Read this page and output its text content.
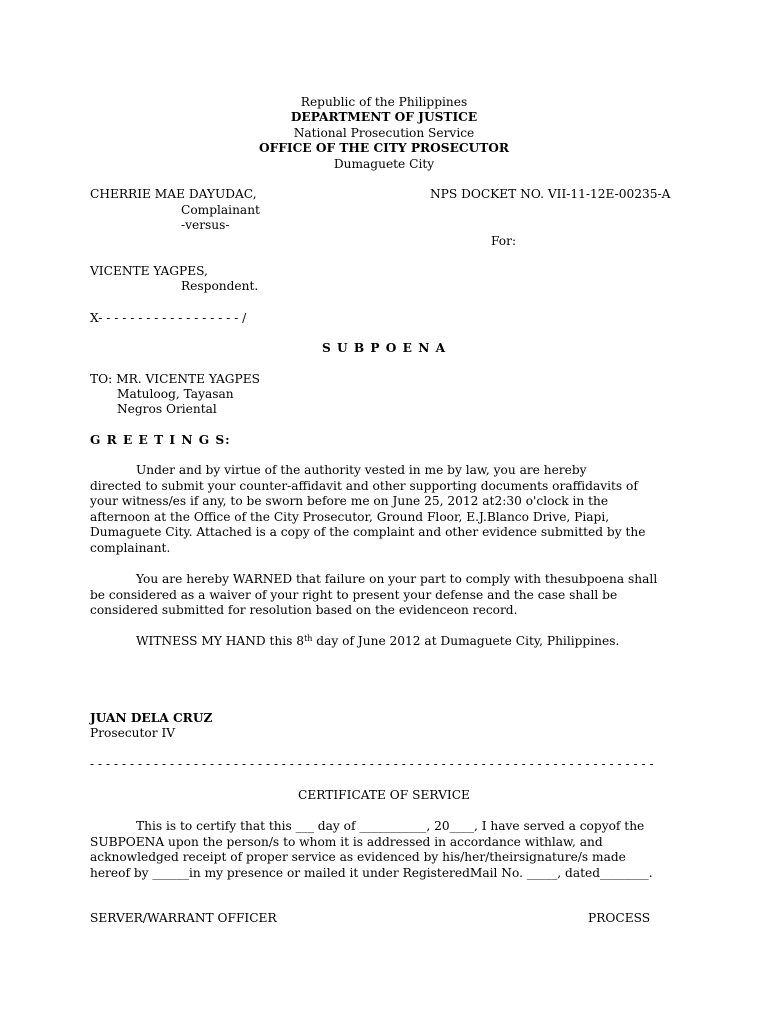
Republic of the Philippines
DEPARTMENT OF JUSTICE
National Prosecution Service
OFFICE OF THE CITY PROSECUTOR
Dumaguete City
CHERRIE MAE DAYUDAC,	NPS DOCKET NO. VII-11-12E-00235-A
Complainant
-versus-
For:
VICENTE YAGPES,
Respondent.
X- - - - - - - - - - - - - - - - - - /
S U B P O E N A
TO: MR. VICENTE YAGPES
Matuloog, Tayasan
Negros Oriental
G R E E T I N G S:

Under and by virtue of the authority vested in me by law, you are hereby

directed to submit your counter-affidavit and other supporting documents oraffidavits of

your witness/es if any, to be sworn before me on June 25, 2012 at2:30 o'clock in the

afternoon at the Office of the City Prosecutor, Ground Floor, E.J.Blanco Drive, Piapi,

Dumaguete City. Attached is a copy of the complaint and other evidence submitted by the

complainant.

You are hereby WARNED that failure on your part to comply with thesubpoena shall

be considered as a waiver of your right to present your defense and the case shall be

considered submitted for resolution based on the evidenceon record.

WITNESS MY HAND this 8th day of June 2012 at Dumaguete City, Philippines.
JUAN DELA CRUZ
Prosecutor IV
- - - - - - - - - - - - - - - - - - - - - - - - - - - - - - - - - - - - - - - - - - - - - - - - - - - - - - - - - - - - - - - - - - - - - - -
CERTIFICATE OF SERVICE

This is to certify that this ___ day of ___________, 20____, I have served a copyof the

SUBPOENA upon the person/s to whom it is addressed in accordance withlaw, and

acknowledged receipt of proper service as evidenced by his/her/theirsignature/s made

hereof by ______in my presence or mailed it under RegisteredMail No. _____, dated________.

SERVER/WARRANT OFFICER	PROCESS
